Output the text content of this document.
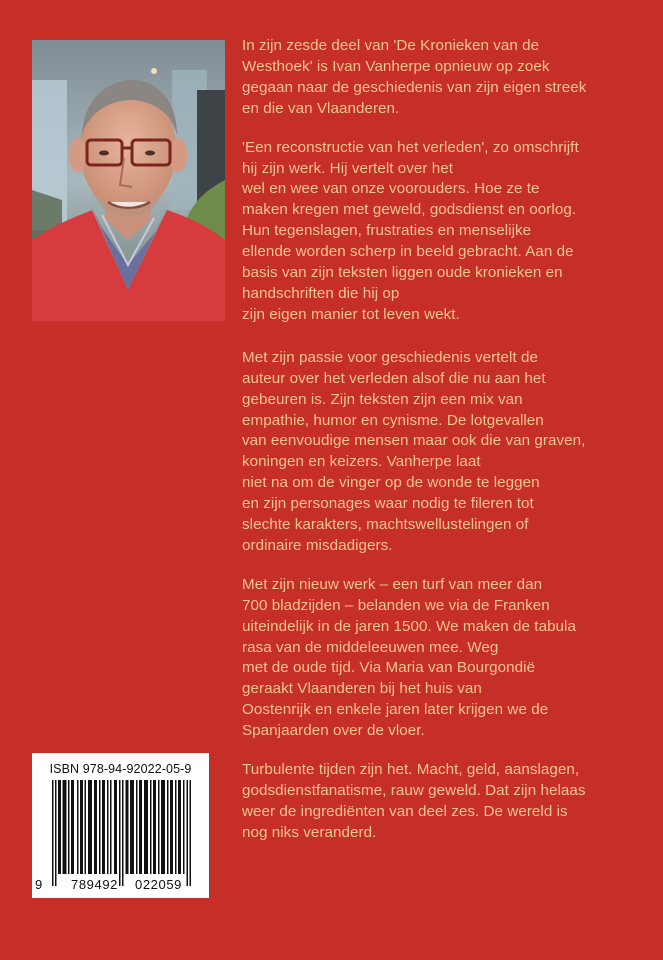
In zijn zesde deel van 'De Kronieken van de
Westhoek' is Ivan Vanherpe opnieuw op zoek
gegaan naar de geschiedenis van zijn eigen streek
en die van Vlaanderen.

'Een reconstructie van het verleden', zo omschrijft
hij zijn werk. Hij vertelt over het
wel en wee van onze voorouders. Hoe ze te
maken kregen met geweld, godsdienst en oorlog.
Hun tegenslagen, frustraties en menselijke
ellende worden scherp in beeld gebracht. Aan de
basis van zijn teksten liggen oude kronieken en
handschriften die hij op
zijn eigen manier tot leven wekt.

Met zijn passie voor geschiedenis vertelt de
auteur over het verleden alsof die nu aan het
gebeuren is. Zijn teksten zijn een mix van
empathie, humor en cynisme. De lotgevallen
van eenvoudige mensen maar ook die van graven,
koningen en keizers. Vanherpe laat
niet na om de vinger op de wonde te leggen
en zijn personages waar nodig te fileren tot
slechte karakters, machtswellustelingen of
ordinaire misdadigers.

Met zijn nieuw werk – een turf van meer dan
700 bladzijden – belanden we via de Franken
uiteindelijk in de jaren 1500. We maken de tabula
rasa van de middeleeuwen mee. Weg
met de oude tijd. Via Maria van Bourgondië
geraakt Vlaanderen bij het huis van
Oostenrijk en enkele jaren later krijgen we de
Spanjaarden over de vloer.

Turbulente tijden zijn het. Macht, geld, aanslagen,
godsdienstfanatisme, rauw geweld. Dat zijn helaas
weer de ingrediënten van deel zes. De wereld is
nog niks veranderd.

ISBN 978-94-92022-05-9
9 789492 022059
